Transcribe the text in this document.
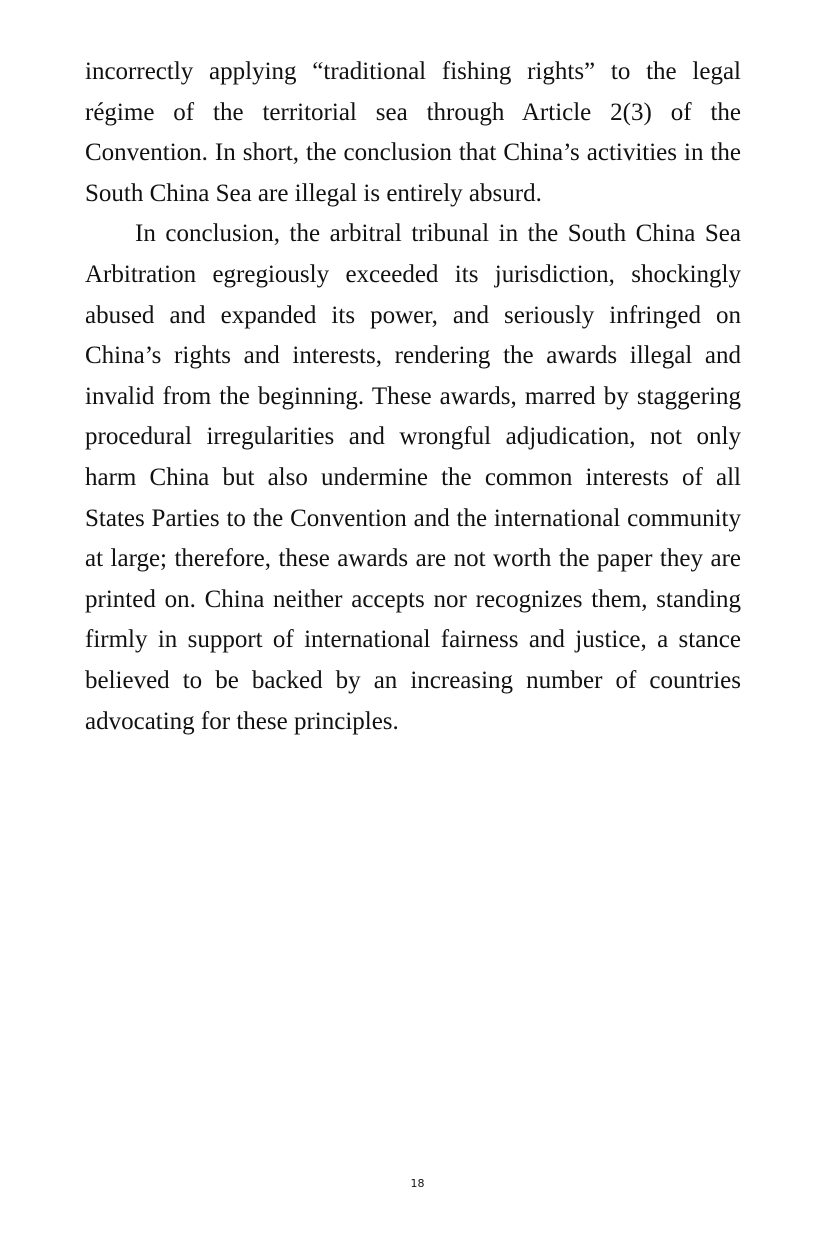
incorrectly applying “traditional fishing rights” to the legal régime of the territorial sea through Article 2(3) of the Convention. In short, the conclusion that China’s activities in the South China Sea are illegal is entirely absurd.

In conclusion, the arbitral tribunal in the South China Sea Arbitration egregiously exceeded its jurisdiction, shockingly abused and expanded its power, and seriously infringed on China’s rights and interests, rendering the awards illegal and invalid from the beginning. These awards, marred by staggering procedural irregularities and wrongful adjudication, not only harm China but also undermine the common interests of all States Parties to the Convention and the international community at large; therefore, these awards are not worth the paper they are printed on. China neither accepts nor recognizes them, standing firmly in support of international fairness and justice, a stance believed to be backed by an increasing number of countries advocating for these principles.

18
